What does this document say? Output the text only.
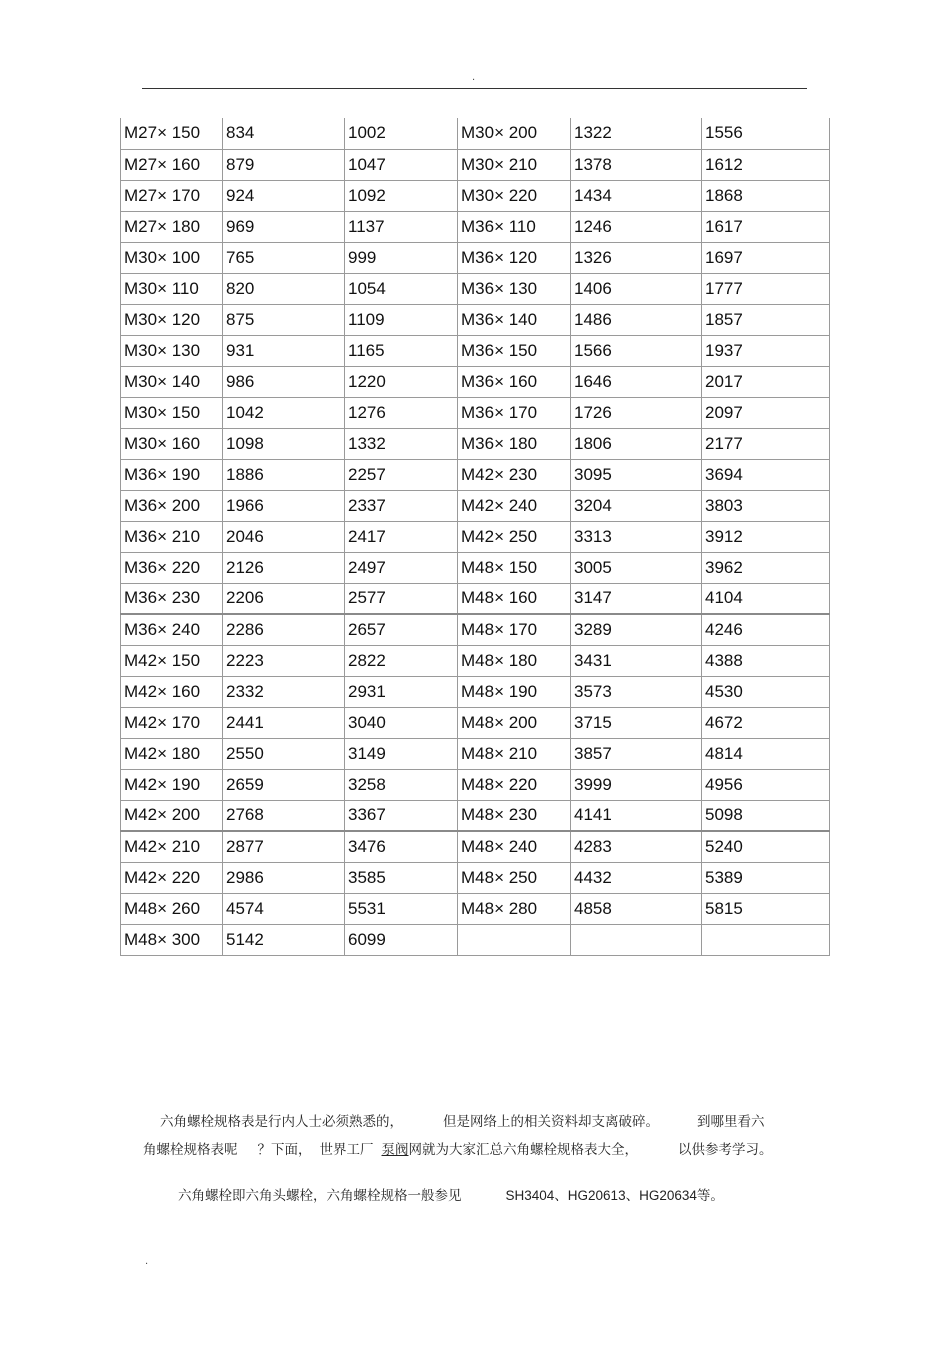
.
M27× 150	834	1002	M30× 200	1322	1556
M27× 160	879	1047	M30× 210	1378	1612
M27× 170	924	1092	M30× 220	1434	1868
M27× 180	969	1137	M36× 110	1246	1617
M30× 100	765	999	M36× 120	1326	1697
M30× 110	820	1054	M36× 130	1406	1777
M30× 120	875	1109	M36× 140	1486	1857
M30× 130	931	1165	M36× 150	1566	1937
M30× 140	986	1220	M36× 160	1646	2017
M30× 150	1042	1276	M36× 170	1726	2097
M30× 160	1098	1332	M36× 180	1806	2177
M36× 190	1886	2257	M42× 230	3095	3694
M36× 200	1966	2337	M42× 240	3204	3803
M36× 210	2046	2417	M42× 250	3313	3912
M36× 220	2126	2497	M48× 150	3005	3962
M36× 230	2206	2577	M48× 160	3147	4104
M36× 240	2286	2657	M48× 170	3289	4246
M42× 150	2223	2822	M48× 180	3431	4388
M42× 160	2332	2931	M48× 190	3573	4530
M42× 170	2441	3040	M48× 200	3715	4672
M42× 180	2550	3149	M48× 210	3857	4814
M42× 190	2659	3258	M48× 220	3999	4956
M42× 200	2768	3367	M48× 230	4141	5098
M42× 210	2877	3476	M48× 240	4283	5240
M42× 220	2986	3585	M48× 250	4432	5389
M48× 260	4574	5531	M48× 280	4858	5815
M48× 300	5142	6099			
六角螺栓规格表是行内人士必须熟悉的，	但是网络上的相关资料却支离破碎。	到哪里看六
角螺栓规格表呢 ？下面， 世界工厂 泵阀网就为大家汇总六角螺栓规格表大全，	以供参考学习。
六角螺栓即六角头螺栓，六角螺栓规格一般参见	SH3404、HG20613、HG20634等。
.
